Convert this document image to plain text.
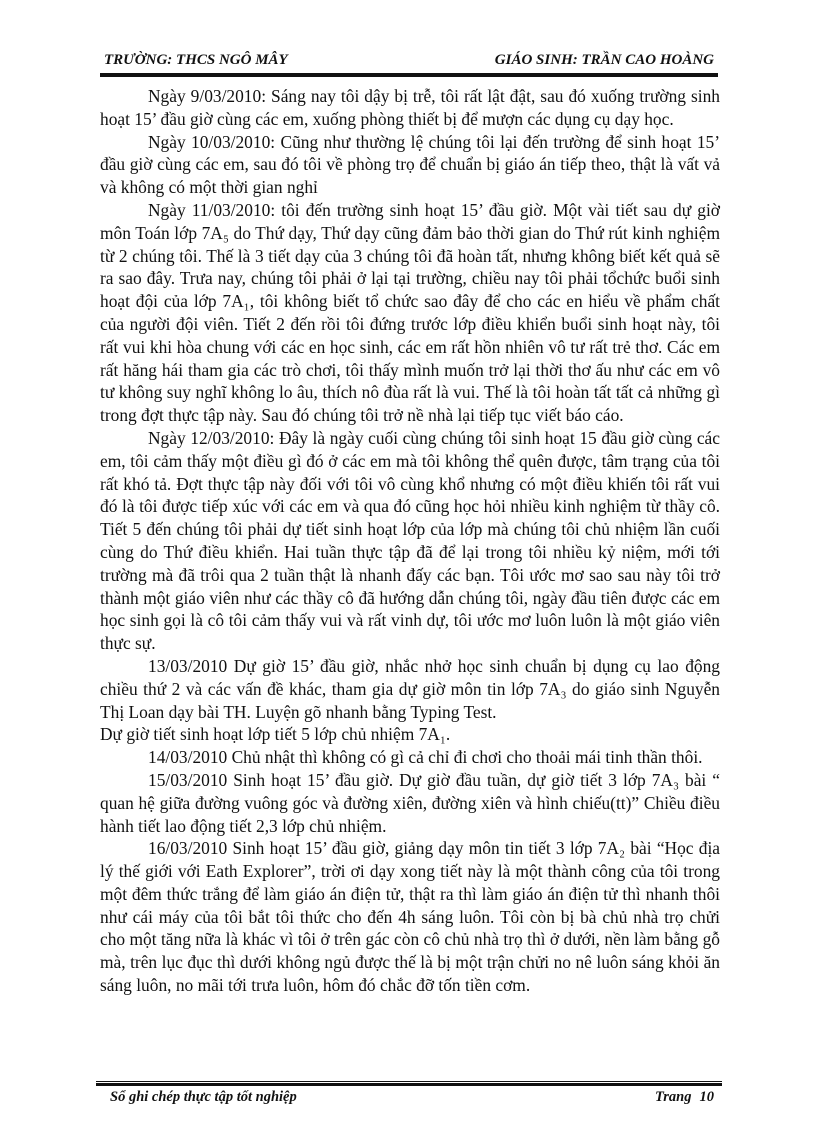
TRƯỜNG: THCS NGÔ MÂY	GIÁO SINH: TRẦN CAO HOÀNG

Ngày 9/03/2010: Sáng nay tôi dậy bị trễ, tôi rất lật đật, sau đó xuống trường sinh hoạt 15’ đầu giờ cùng các em, xuống phòng thiết bị để mượn các dụng cụ dạy học.

Ngày 10/03/2010: Cũng như thường lệ chúng tôi lại đến trường để sinh hoạt 15’ đầu giờ cùng các em, sau đó tôi về phòng trọ để chuẩn bị giáo án tiếp theo, thật là vất vả và không có một thời gian nghỉ

Ngày 11/03/2010: tôi đến trường sinh hoạt 15’ đầu giờ. Một vài tiết sau dự giờ môn Toán lớp 7A₅ do Thứ dạy, Thứ dạy cũng đảm bảo thời gian do Thứ rút kinh nghiệm từ 2 chúng tôi. Thế là 3 tiết dạy của 3 chúng tôi đã hoàn tất, nhưng không biết kết quả sẽ ra sao đây. Trưa nay, chúng tôi phải ở lại tại trường, chiều nay tôi phải tổchức buổi sinh hoạt đội của lớp 7A₁, tôi không biết tổ chức sao đây để cho các en hiểu về phẩm chất của người đội viên. Tiết 2 đến rồi tôi đứng trước lớp điều khiển buổi sinh hoạt này, tôi rất vui khi hòa chung với các en học sinh, các em rất hồn nhiên vô tư rất trẻ thơ. Các em rất hăng hái tham gia các trò chơi, tôi thấy mình muốn trở lại thời thơ ấu như các em vô tư không suy nghĩ không lo âu, thích nô đùa rất là vui. Thế là tôi hoàn tất tất cả những gì trong đợt thực tập này. Sau đó chúng tôi trở nề nhà lại tiếp tục viết báo cáo.

Ngày 12/03/2010: Đây là ngày cuối cùng chúng tôi sinh hoạt 15 đầu giờ cùng các em, tôi cảm thấy một điều gì đó ở các em mà tôi không thể quên được, tâm trạng của tôi rất khó tả. Đợt thực tập này đối với tôi vô cùng khổ nhưng có một điều khiến tôi rất vui đó là tôi được tiếp xúc với các em và qua đó cũng học hỏi nhiều kinh nghiệm từ thầy cô. Tiết 5 đến chúng tôi phải dự tiết sinh hoạt lớp của lớp mà chúng tôi chủ nhiệm lần cuối cùng do Thứ điều khiển. Hai tuần thực tập đã để lại trong tôi nhiều kỷ niệm, mới tới trường mà đã trôi qua 2 tuần thật là nhanh đấy các bạn. Tôi ước mơ sao sau này tôi trở thành một giáo viên như các thầy cô đã hướng dẫn chúng tôi, ngày đầu tiên được các em học sinh gọi là cô tôi cảm thấy vui và rất vinh dự, tôi ước mơ luôn luôn là một giáo viên thực sự.

13/03/2010 Dự giờ 15’ đầu giờ, nhắc nhở học sinh chuẩn bị dụng cụ lao động chiều thứ 2 và các vấn đề khác, tham gia dự giờ môn tin lớp 7A₃ do giáo sinh Nguyễn Thị Loan dạy bài TH. Luyện gõ nhanh bằng Typing Test.

Dự giờ tiết sinh hoạt lớp tiết 5 lớp chủ nhiệm 7A₁.

14/03/2010 Chủ nhật thì không có gì cả chỉ đi chơi cho thoải mái tinh thần thôi.

15/03/2010 Sinh hoạt 15’ đầu giờ. Dự giờ đầu tuần, dự giờ tiết 3 lớp 7A₃ bài “ quan hệ giữa đường vuông góc và đường xiên, đường xiên và hình chiếu(tt)” Chiều điều hành tiết lao động tiết 2,3 lớp chủ nhiệm.

16/03/2010 Sinh hoạt 15’ đầu giờ, giảng dạy môn tin tiết 3 lớp 7A₂ bài “Học địa lý thế giới với Eath Explorer”, trời ơi dạy xong tiết này là một thành công của tôi trong một đêm thức trắng để làm giáo án điện tử, thật ra thì làm giáo án điện tử thì nhanh thôi như cái máy của tôi bắt tôi thức cho đến 4h sáng luôn. Tôi còn bị bà chủ nhà trọ chửi cho một tăng nữa là khác vì tôi ở trên gác còn cô chủ nhà trọ thì ở dưới, nền làm bằng gỗ mà, trên lục đục thì dưới không ngủ được thế là bị một trận chửi no nê luôn sáng khỏi ăn sáng luôn, no mãi tới trưa luôn, hôm đó chắc đỡ tốn tiền cơm.

Sổ ghi chép thực tập tốt nghiệp	Trang 10
